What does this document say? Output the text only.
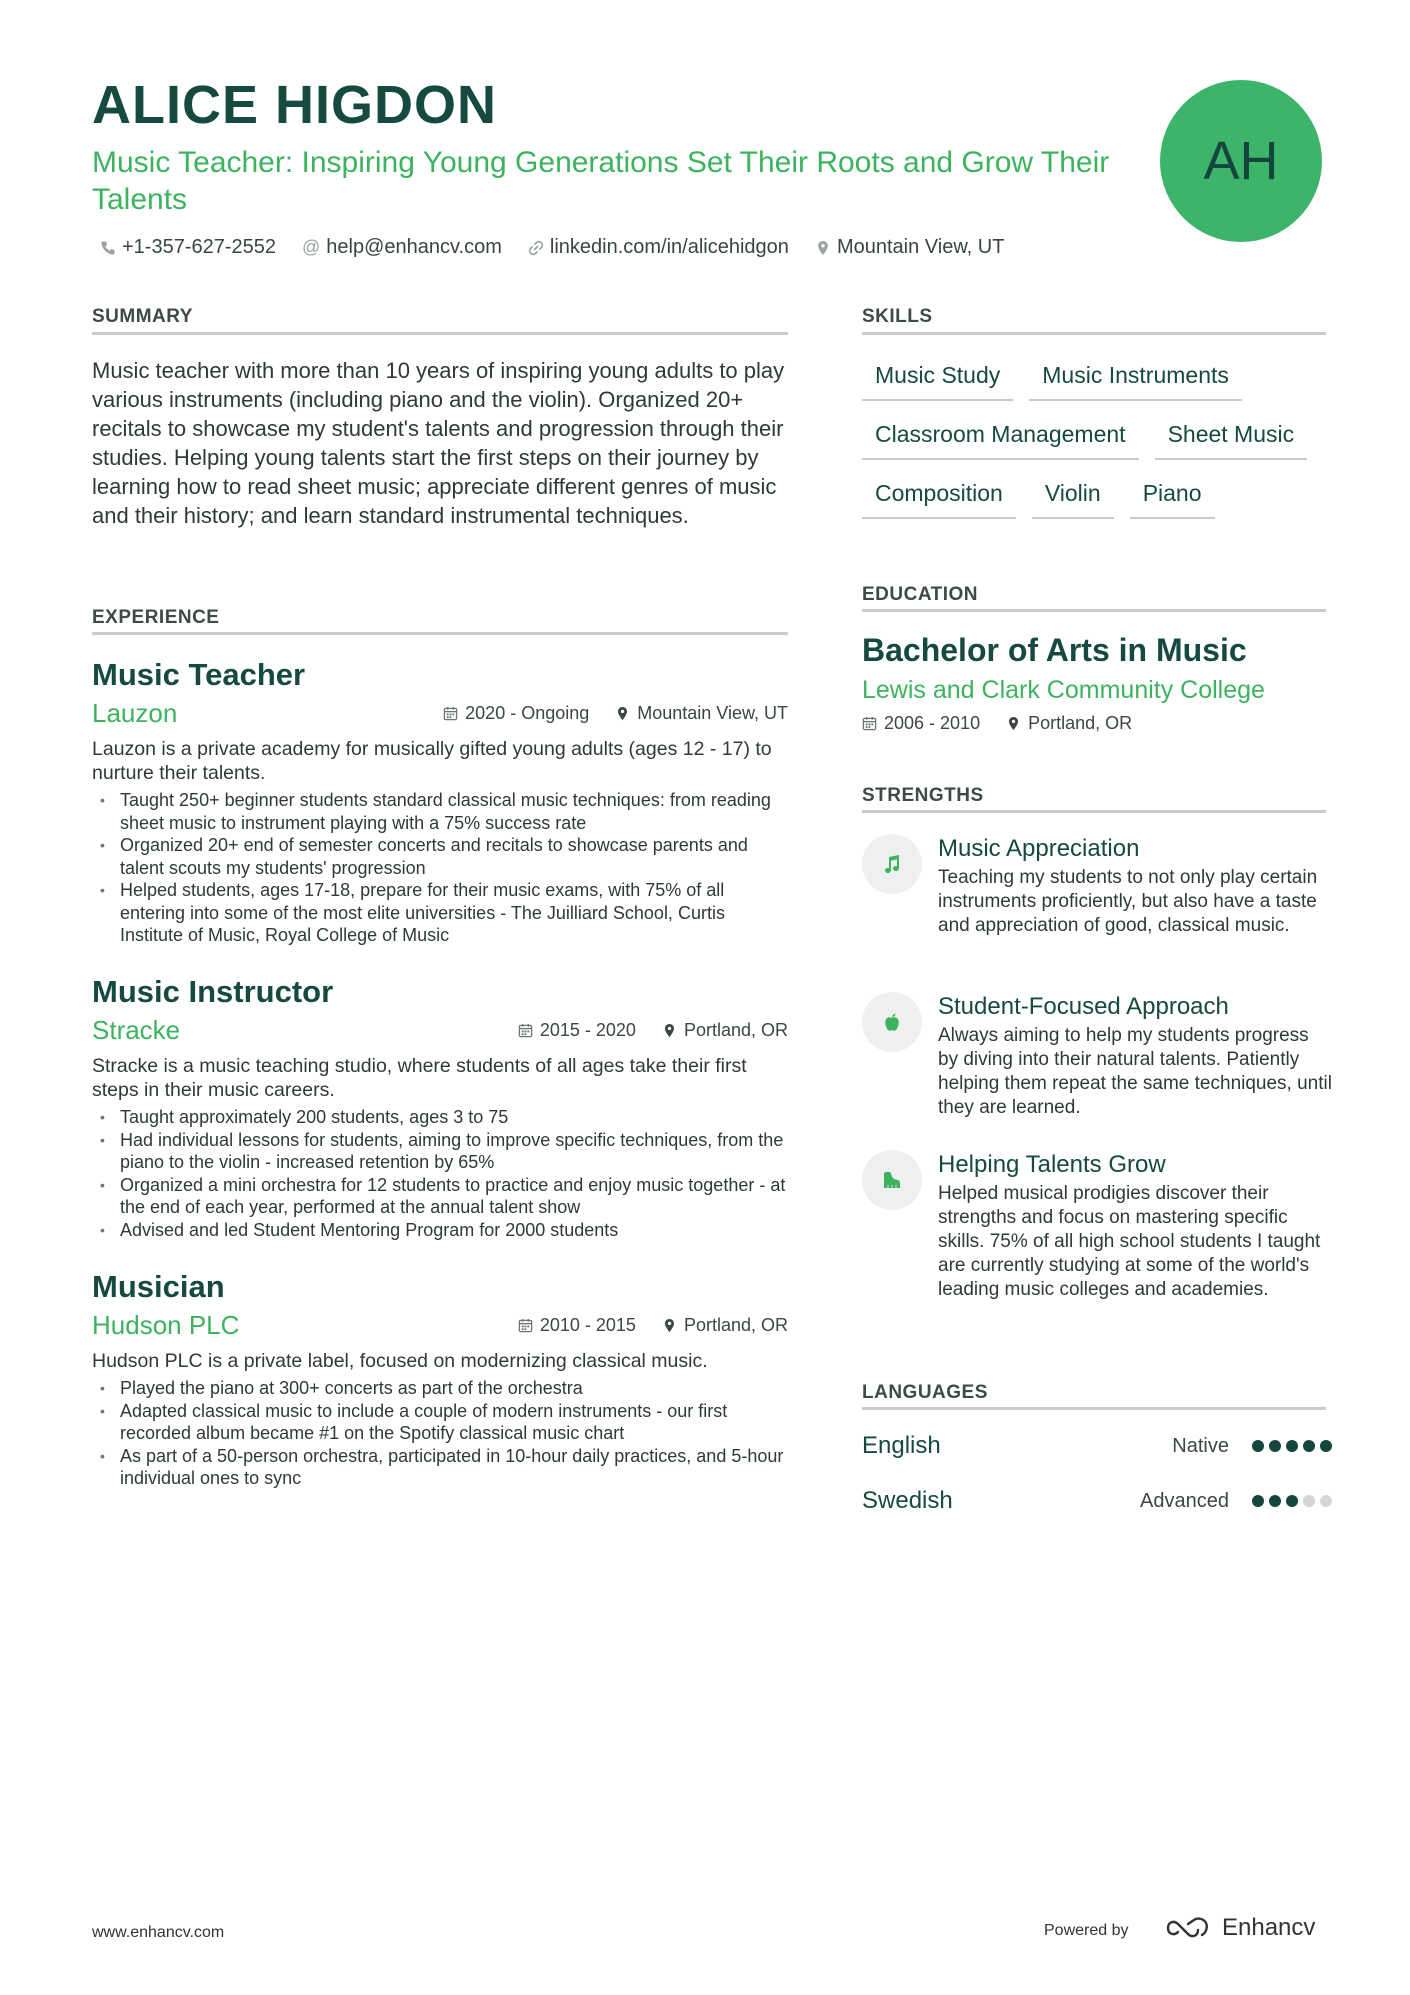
ALICE HIGDON

Music Teacher: Inspiring Young Generations Set Their Roots and Grow Their Talents

AH
+1-357-627-2552 @ help@enhancv.com linkedin.com/in/alicehidgon Mountain View, UT
SUMMARY

Music teacher with more than 10 years of inspiring young adults to play various instruments (including piano and the violin). Organized 20+ recitals to showcase my student's talents and progression through their studies. Helping young talents start the first steps on their journey by learning how to read sheet music; appreciate different genres of music and their history; and learn standard instrumental techniques.

EXPERIENCE
Music Teacher
Lauzon	2020 - Ongoing	Mountain View, UT

Lauzon is a private academy for musically gifted young adults (ages 12 - 17) to nurture their talents.

• Taught 250+ beginner students standard classical music techniques: from reading sheet music to instrument playing with a 75% success rate
• Organized 20+ end of semester concerts and recitals to showcase parents and talent scouts my students' progression
• Helped students, ages 17-18, prepare for their music exams, with 75% of all entering into some of the most elite universities - The Juilliard School, Curtis Institute of Music, Royal College of Music
Music Instructor
Stracke	2015 - 2020	Portland, OR

Stracke is a music teaching studio, where students of all ages take their first steps in their music careers.

• Taught approximately 200 students, ages 3 to 75
• Had individual lessons for students, aiming to improve specific techniques, from the piano to the violin - increased retention by 65%
• Organized a mini orchestra for 12 students to practice and enjoy music together - at the end of each year, performed at the annual talent show
• Advised and led Student Mentoring Program for 2000 students
Musician
Hudson PLC	2010 - 2015	Portland, OR

Hudson PLC is a private label, focused on modernizing classical music.

• Played the piano at 300+ concerts as part of the orchestra
• Adapted classical music to include a couple of modern instruments - our first recorded album became #1 on the Spotify classical music chart
• As part of a 50-person orchestra, participated in 10-hour daily practices, and 5-hour individual ones to sync
SKILLS
Music Study	Music Instruments
Classroom Management	Sheet Music
Composition	Violin	Piano
EDUCATION
Bachelor of Arts in Music

Lewis and Clark Community College

2006 - 2010	Portland, OR
STRENGTHS
Music Appreciation
Teaching my students to not only play certain instruments proficiently, but also have a taste and appreciation of good, classical music.
Student-Focused Approach
Always aiming to help my students progress by diving into their natural talents. Patiently helping them repeat the same techniques, until they are learned.
Helping Talents Grow
Helped musical prodigies discover their strengths and focus on mastering specific skills. 75% of all high school students I taught are currently studying at some of the world's leading music colleges and academies.
LANGUAGES
English	Native
Swedish	Advanced
www.enhancv.com	Powered by	Enhancv
